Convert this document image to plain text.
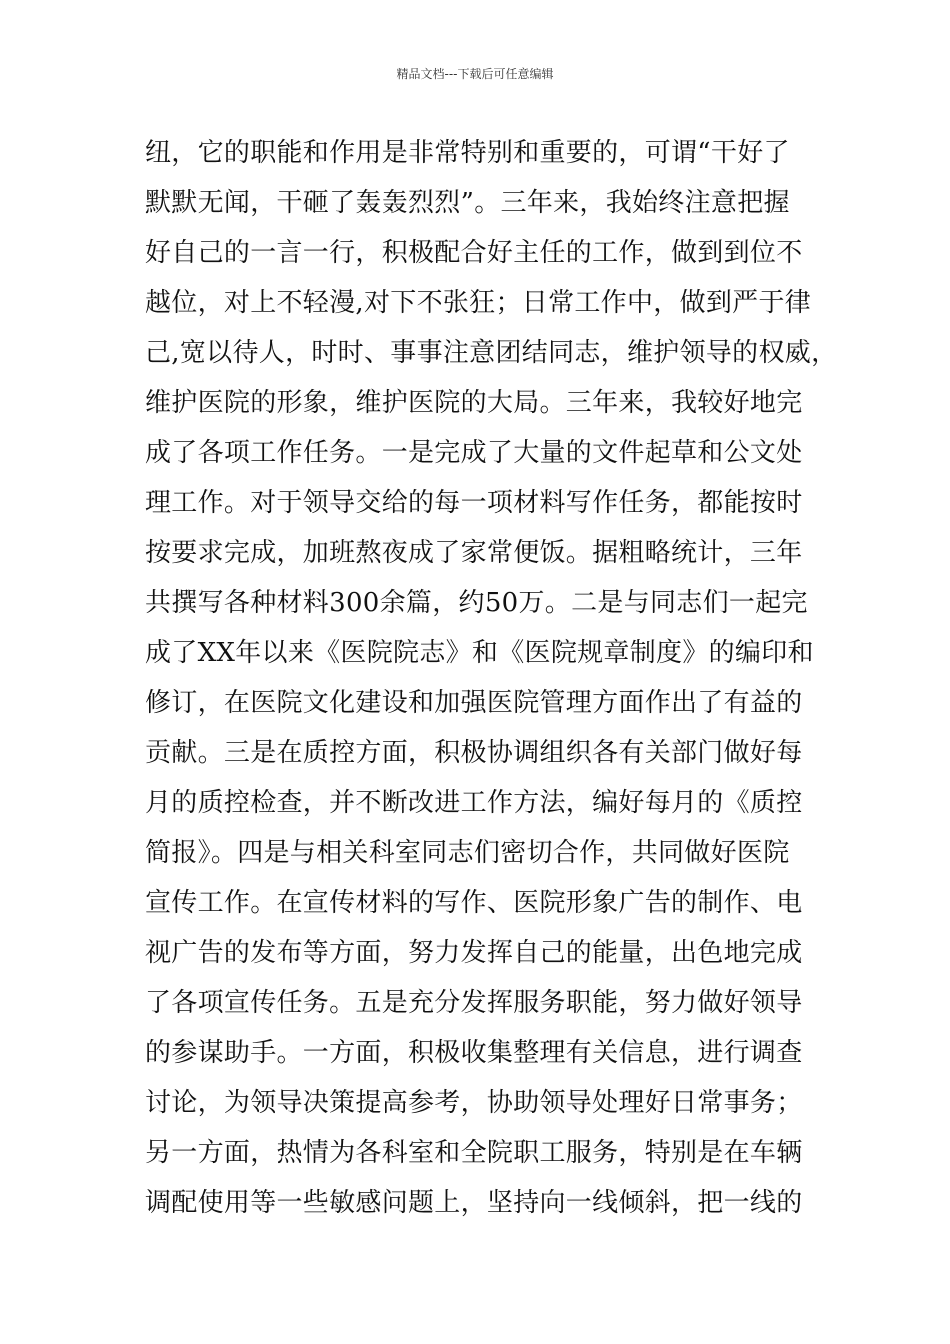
精品文档---下载后可任意编辑
纽，它的职能和作用是非常特别和重要的，可谓“干好了
默默无闻，干砸了轰轰烈烈”。三年来，我始终注意把握
好自己的一言一行，积极配合好主任的工作，做到到位不
越位，对上不轻漫,对下不张狂；日常工作中，做到严于律
己,宽以待人，时时、事事注意团结同志，维护领导的权威，
维护医院的形象，维护医院的大局。三年来，我较好地完
成了各项工作任务。一是完成了大量的文件起草和公文处
理工作。对于领导交给的每一项材料写作任务，都能按时
按要求完成，加班熬夜成了家常便饭。据粗略统计，三年
共撰写各种材料300余篇，约50万。二是与同志们一起完
成了XX年以来《医院院志》和《医院规章制度》的编印和
修订，在医院文化建设和加强医院管理方面作出了有益的
贡献。三是在质控方面，积极协调组织各有关部门做好每
月的质控检查，并不断改进工作方法，编好每月的《质控
简报》。四是与相关科室同志们密切合作，共同做好医院
宣传工作。在宣传材料的写作、医院形象广告的制作、电
视广告的发布等方面，努力发挥自己的能量，出色地完成
了各项宣传任务。五是充分发挥服务职能，努力做好领导
的参谋助手。一方面，积极收集整理有关信息，进行调查
讨论，为领导决策提高参考，协助领导处理好日常事务；
另一方面，热情为各科室和全院职工服务，特别是在车辆
调配使用等一些敏感问题上，坚持向一线倾斜，把一线的
